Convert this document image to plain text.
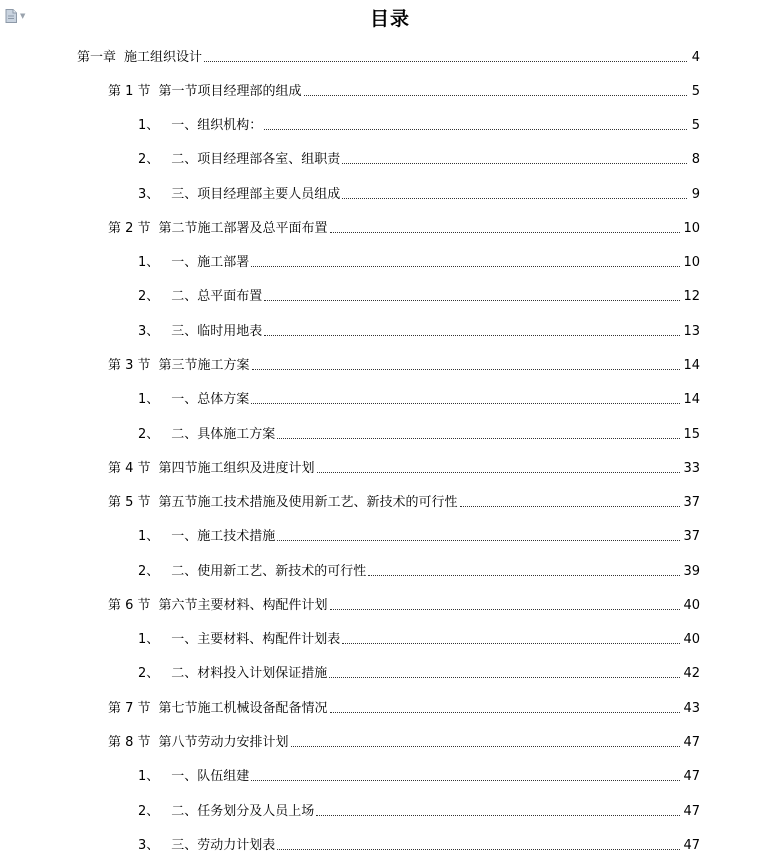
▼	目录
第一章 施工组织设计	4
第 1 节 第一节项目经理部的组成	5
1、 一、组织机构：	5
2、 二、项目经理部各室、组职责	8
3、 三、项目经理部主要人员组成	9
第 2 节 第二节施工部署及总平面布置	10
1、 一、施工部署	10
2、 二、总平面布置	12
3、 三、临时用地表	13
第 3 节 第三节施工方案	14
1、 一、总体方案	14
2、 二、具体施工方案	15
第 4 节 第四节施工组织及进度计划	33
第 5 节 第五节施工技术措施及使用新工艺、新技术的可行性	37
1、 一、施工技术措施	37
2、 二、使用新工艺、新技术的可行性	39
第 6 节 第六节主要材料、构配件计划	40
1、 一、主要材料、构配件计划表	40
2、 二、材料投入计划保证措施	42
第 7 节 第七节施工机械设备配备情况	43
第 8 节 第八节劳动力安排计划	47
1、 一、队伍组建	47
2、 二、任务划分及人员上场	47
3、 三、劳动力计划表	47
